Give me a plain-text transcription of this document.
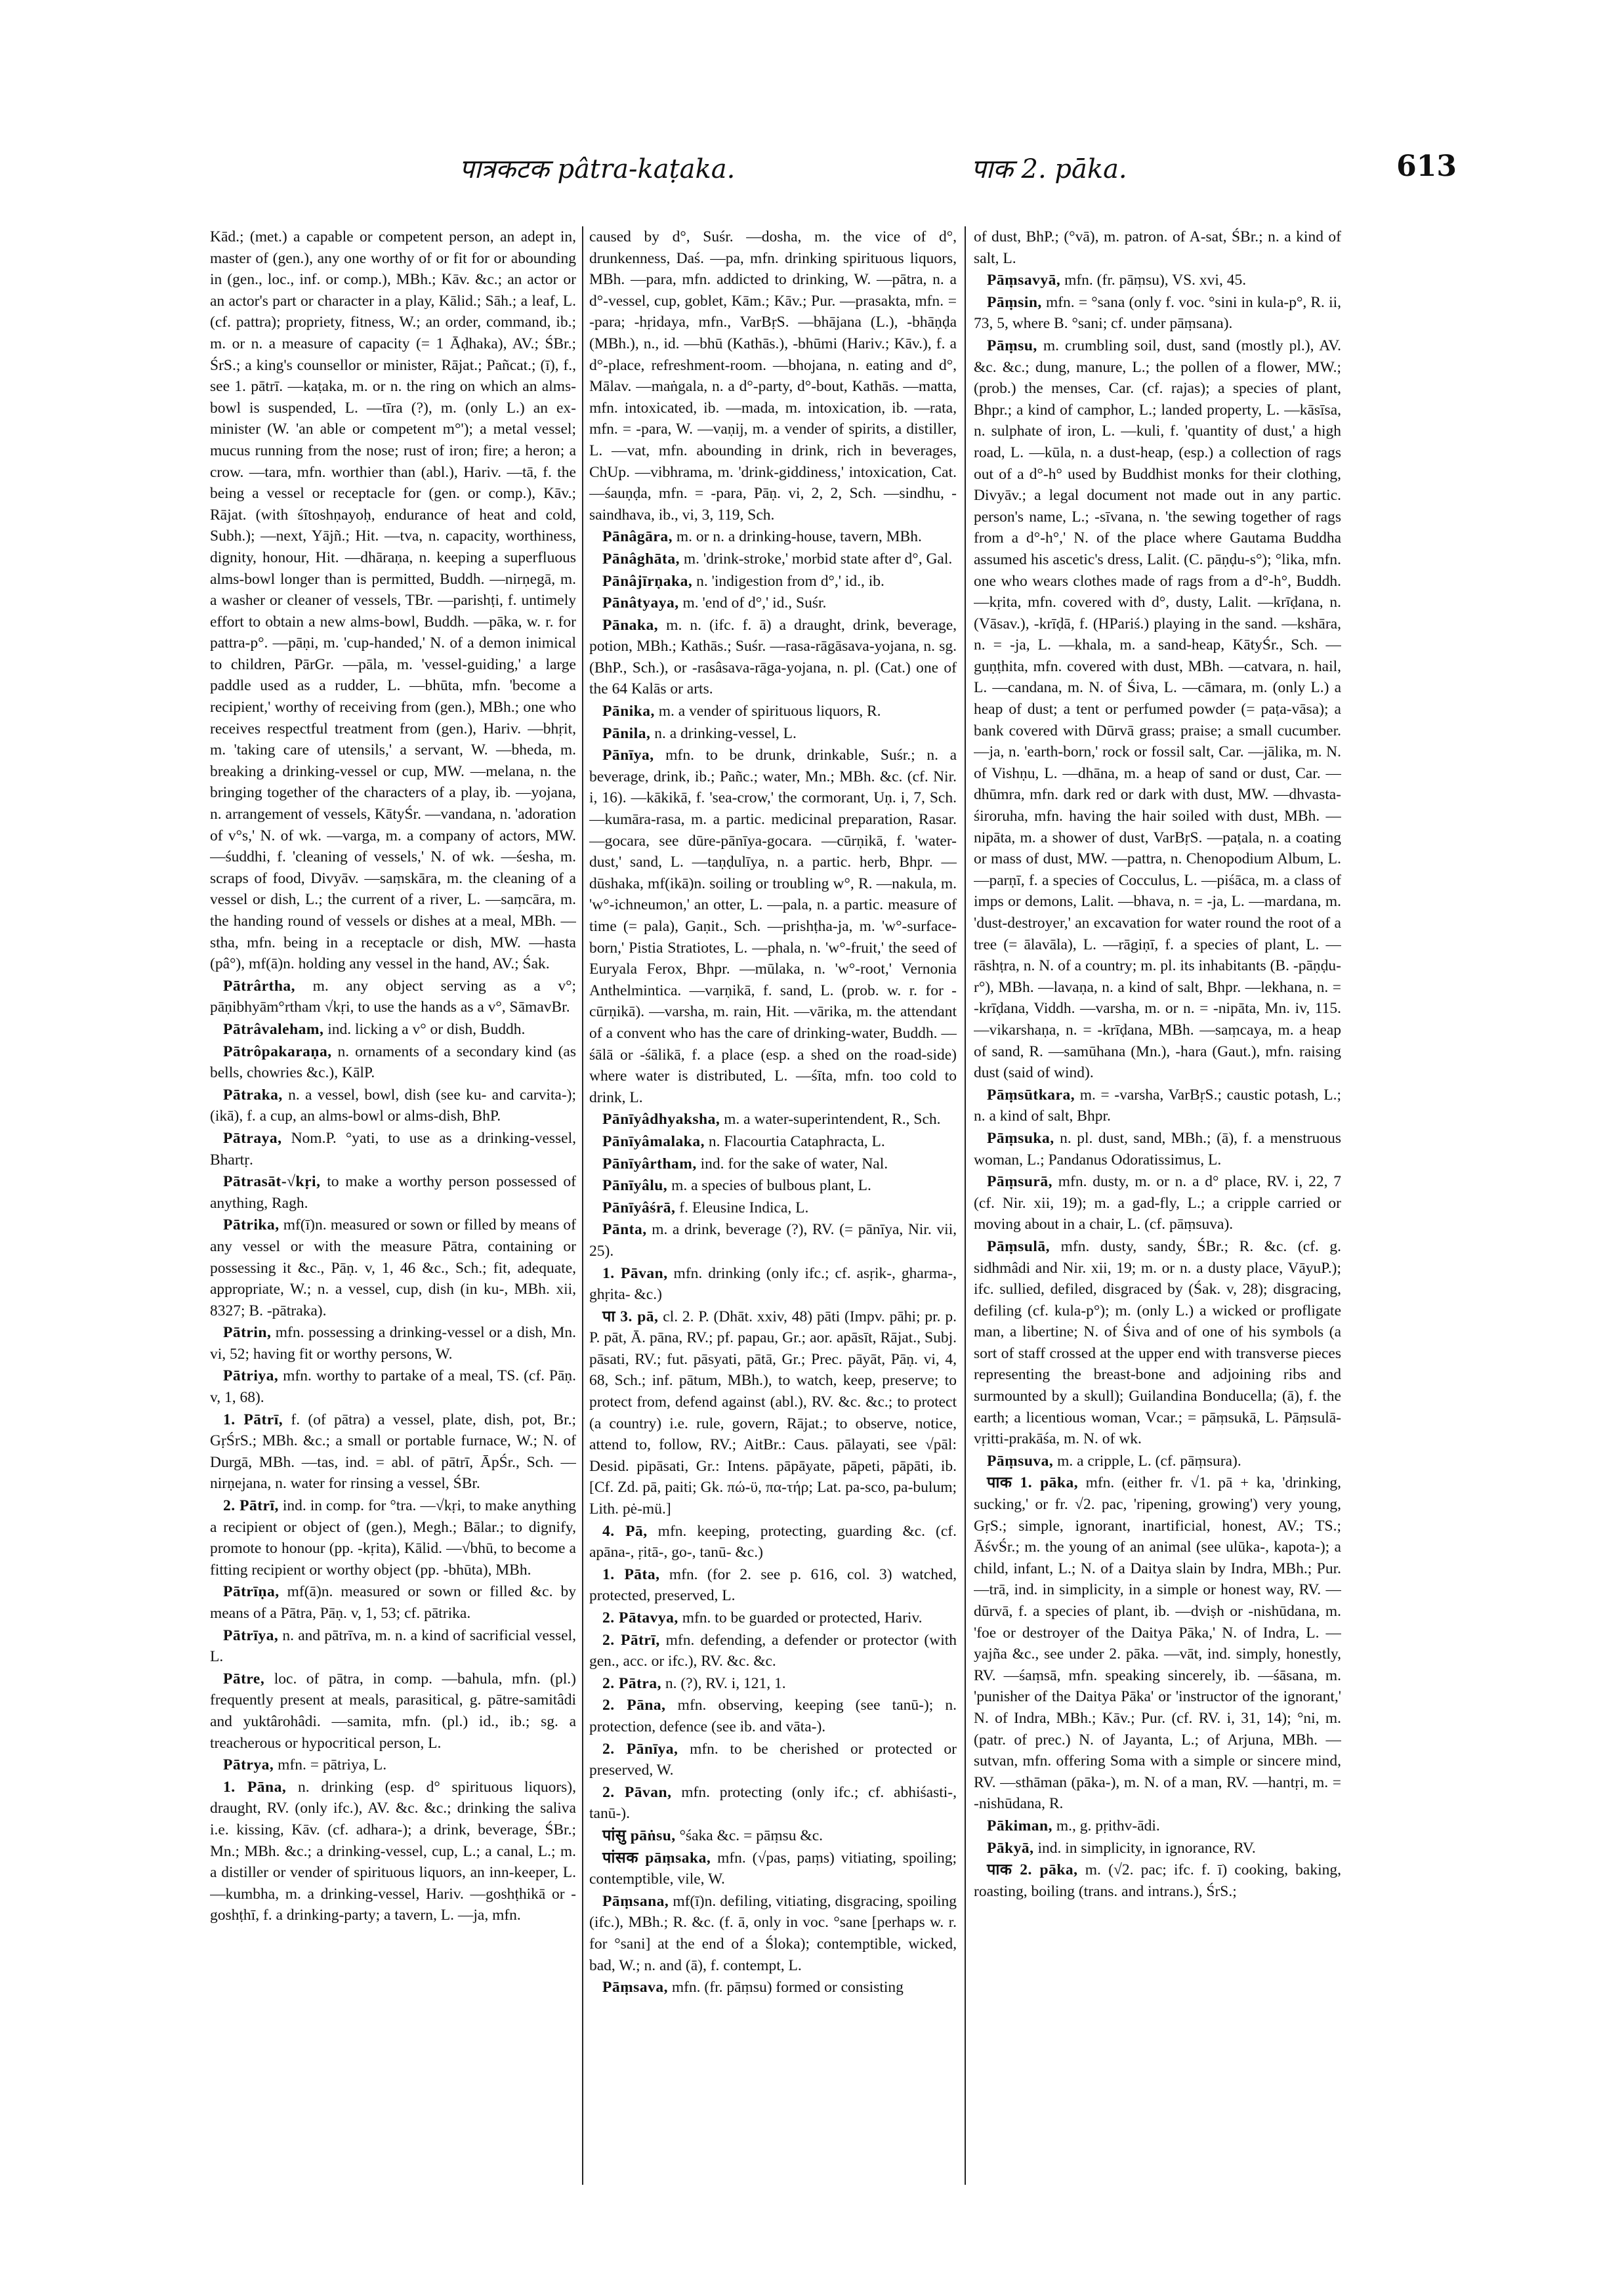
पात्रकटक pâtra-kaṭaka.	पाक 2. pāka.	613

Kād.; (met.) a capable or competent person, an adept in, master of (gen.), any one worthy of or fit for or abounding in (gen., loc., inf. or comp.), MBh.; Kāv. &c.; an actor or an actor's part or character in a play, Kālid.; Sāh.; a leaf, L. (cf. pattra); propriety, fitness, W.; an order, command, ib.; m. or n. a measure of capacity (= 1 Āḍhaka), AV.; ŚBr.; ŚrS.; a king's counsellor or minister, Rājat.; Pañcat.; (ī), f., see 1. pātrī. —kaṭaka, m. or n. the ring on which an alms-bowl is suspended, L. —tīra (?), m. (only L.) an ex-minister (W. 'an able or competent m°'); a metal vessel; mucus running from the nose; rust of iron; fire; a heron; a crow. —tara, mfn. worthier than (abl.), Hariv. —tā, f. the being a vessel or receptacle for (gen. or comp.), Kāv.; Rājat. (with śītoshṇayoḥ, endurance of heat and cold, Subh.); —next, Yājñ.; Hit. —tva, n. capacity, worthiness, dignity, honour, Hit. —dhāraṇa, n. keeping a superfluous alms-bowl longer than is permitted, Buddh. —nirṇegā, m. a washer or cleaner of vessels, TBr. —parishṭi, f. untimely effort to obtain a new alms-bowl, Buddh. —pāka, w. r. for pattra-p°. —pāṇi, m. 'cup-handed,' N. of a demon inimical to children, PārGr. —pāla, m. 'vessel-guiding,' a large paddle used as a rudder, L. —bhūta, mfn. 'become a recipient,' worthy of receiving from (gen.), MBh.; one who receives respectful treatment from (gen.), Hariv. —bhṛit, m. 'taking care of utensils,' a servant, W. —bheda, m. breaking a drinking-vessel or cup, MW. —melana, n. the bringing together of the characters of a play, ib. —yojana, n. arrangement of vessels, KātyŚr. —vandana, n. 'adoration of v°s,' N. of wk. —varga, m. a company of actors, MW. —śuddhi, f. 'cleaning of vessels,' N. of wk. —śesha, m. scraps of food, Divyāv. —saṃskāra, m. the cleaning of a vessel or dish, L.; the current of a river, L. —saṃcāra, m. the handing round of vessels or dishes at a meal, MBh. —stha, mfn. being in a receptacle or dish, MW. —hasta (pâ°), mf(ā)n. holding any vessel in the hand, AV.; Śak.

Pātrârtha, m. any object serving as a v°; pāṇibhyām°rtham √kṛi, to use the hands as a v°, SāmavBr.

Pātrâvaleham, ind. licking a v° or dish, Buddh.

Pātrôpakaraṇa, n. ornaments of a secondary kind (as bells, chowries &c.), KālP.

Pātraka, n. a vessel, bowl, dish (see ku- and carvita-); (ikā), f. a cup, an alms-bowl or alms-dish, BhP.

Pātraya, Nom.P. °yati, to use as a drinking-vessel, Bhartṛ.

Pātrasāt-√kṛi, to make a worthy person possessed of anything, Ragh.

Pātrika, mf(ī)n. measured or sown or filled by means of any vessel or with the measure Pātra, containing or possessing it &c., Pāṇ. v, 1, 46 &c., Sch.; fit, adequate, appropriate, W.; n. a vessel, cup, dish (in ku-, MBh. xii, 8327; B. -pātraka).

Pātrin, mfn. possessing a drinking-vessel or a dish, Mn. vi, 52; having fit or worthy persons, W.

Pātriya, mfn. worthy to partake of a meal, TS. (cf. Pāṇ. v, 1, 68).

1. Pātrī, f. (of pātra) a vessel, plate, dish, pot, Br.; GṛŚrS.; MBh. &c.; a small or portable furnace, W.; N. of Durgā, MBh. —tas, ind. = abl. of pātrī, ĀpŚr., Sch. —nirṇejana, n. water for rinsing a vessel, ŚBr.

2. Pātrī, ind. in comp. for °tra. —√kṛi, to make anything a recipient or object of (gen.), Megh.; Bālar.; to dignify, promote to honour (pp. -kṛita), Kālid. —√bhū, to become a fitting recipient or worthy object (pp. -bhūta), MBh.

Pātrīṇa, mf(ā)n. measured or sown or filled &c. by means of a Pātra, Pāṇ. v, 1, 53; cf. pātrika.

Pātrīya, n. and pātrīva, m. n. a kind of sacrificial vessel, L.

Pātre, loc. of pātra, in comp. —bahula, mfn. (pl.) frequently present at meals, parasitical, g. pātre-samitâdi and yuktârohâdi. —samita, mfn. (pl.) id., ib.; sg. a treacherous or hypocritical person, L.

Pātrya, mfn. = pātriya, L.

1. Pāna, n. drinking (esp. d° spirituous liquors), draught, RV. (only ifc.), AV. &c. &c.; drinking the saliva i.e. kissing, Kāv. (cf. adhara-); a drink, beverage, ŚBr.; Mn.; MBh. &c.; a drinking-vessel, cup, L.; a canal, L.; m. a distiller or vender of spirituous liquors, an inn-keeper, L. —kumbha, m. a drinking-vessel, Hariv. —goshṭhikā or -goshṭhī, f. a drinking-party; a tavern, L. —ja, mfn.

caused by d°, Suśr. —dosha, m. the vice of d°, drunkenness, Daś. —pa, mfn. drinking spirituous liquors, MBh. —para, mfn. addicted to drinking, W. —pātra, n. a d°-vessel, cup, goblet, Kām.; Kāv.; Pur. —prasakta, mfn. = -para; -hṛidaya, mfn., VarBṛS. —bhājana (L.), -bhāṇḍa (MBh.), n., id. —bhū (Kathās.), -bhūmi (Hariv.; Kāv.), f. a d°-place, refreshment-room. —bhojana, n. eating and d°, Mālav. —maṅgala, n. a d°-party, d°-bout, Kathās. —matta, mfn. intoxicated, ib. —mada, m. intoxication, ib. —rata, mfn. = -para, W. —vaṇij, m. a vender of spirits, a distiller, L. —vat, mfn. abounding in drink, rich in beverages, ChUp. —vibhrama, m. 'drink-giddiness,' intoxication, Cat. —śauṇḍa, mfn. = -para, Pāṇ. vi, 2, 2, Sch. —sindhu, -saindhava, ib., vi, 3, 119, Sch.

Pānâgāra, m. or n. a drinking-house, tavern, MBh.

Pānâghāta, m. 'drink-stroke,' morbid state after d°, Gal.

Pānâjīrṇaka, n. 'indigestion from d°,' id., ib.

Pānâtyaya, m. 'end of d°,' id., Suśr.

Pānaka, m. n. (ifc. f. ā) a draught, drink, beverage, potion, MBh.; Kathās.; Suśr. —rasa-rāgāsava-yojana, n. sg. (BhP., Sch.), or -rasâsava-rāga-yojana, n. pl. (Cat.) one of the 64 Kalās or arts.

Pānika, m. a vender of spirituous liquors, R.

Pānila, n. a drinking-vessel, L.

Pānīya, mfn. to be drunk, drinkable, Suśr.; n. a beverage, drink, ib.; Pañc.; water, Mn.; MBh. &c. (cf. Nir. i, 16). —kākikā, f. 'sea-crow,' the cormorant, Uṇ. i, 7, Sch. —kumāra-rasa, m. a partic. medicinal preparation, Rasar. —gocara, see dūre-pānīya-gocara. —cūrṇikā, f. 'water-dust,' sand, L. —taṇḍulīya, n. a partic. herb, Bhpr. —dūshaka, mf(ikā)n. soiling or troubling w°, R. —nakula, m. 'w°-ichneumon,' an otter, L. —pala, n. a partic. measure of time (= pala), Gaṇit., Sch. —prishṭha-ja, m. 'w°-surface-born,' Pistia Stratiotes, L. —phala, n. 'w°-fruit,' the seed of Euryala Ferox, Bhpr. —mūlaka, n. 'w°-root,' Vernonia Anthelmintica. —varṇikā, f. sand, L. (prob. w. r. for -cūrṇikā). —varsha, m. rain, Hit. —vārika, m. the attendant of a convent who has the care of drinking-water, Buddh. —śālā or -śālikā, f. a place (esp. a shed on the road-side) where water is distributed, L. —śīta, mfn. too cold to drink, L.

Pānīyâdhyaksha, m. a water-superintendent, R., Sch.

Pānīyâmalaka, n. Flacourtia Cataphracta, L.

Pānīyârtham, ind. for the sake of water, Nal.

Pānīyâlu, m. a species of bulbous plant, L.

Pānīyâśrā, f. Eleusine Indica, L.

Pānta, m. a drink, beverage (?), RV. (= pānīya, Nir. vii, 25).

1. Pāvan, mfn. drinking (only ifc.; cf. asṛik-, gharma-, ghṛita- &c.)

पा 3. pā, cl. 2. P. (Dhāt. xxiv, 48) pāti (Impv. pāhi; pr. p. P. pāt, Ā. pāna, RV.; pf. papau, Gr.; aor. apāsīt, Rājat., Subj. pāsati, RV.; fut. pāsyati, pātā, Gr.; Prec. pāyāt, Pāṇ. vi, 4, 68, Sch.; inf. pātum, MBh.), to watch, keep, preserve; to protect from, defend against (abl.), RV. &c. &c.; to protect (a country) i.e. rule, govern, Rājat.; to observe, notice, attend to, follow, RV.; AitBr.: Caus. pālayati, see √pāl: Desid. pipāsati, Gr.: Intens. pāpāyate, pāpeti, pāpāti, ib. [Cf. Zd. pā, paiti; Gk. πώ-ϋ, πα-τήρ; Lat. pa-sco, pa-bulum; Lith. pė-mü.]

4. Pā, mfn. keeping, protecting, guarding &c. (cf. apāna-, ṛitā-, go-, tanū- &c.)

1. Pāta, mfn. (for 2. see p. 616, col. 3) watched, protected, preserved, L.

2. Pātavya, mfn. to be guarded or protected, Hariv.

2. Pātrī, mfn. defending, a defender or protector (with gen., acc. or ifc.), RV. &c. &c.

2. Pātra, n. (?), RV. i, 121, 1.

2. Pāna, mfn. observing, keeping (see tanū-); n. protection, defence (see ib. and vāta-).

2. Pānīya, mfn. to be cherished or protected or preserved, W.

2. Pāvan, mfn. protecting (only ifc.; cf. abhiśasti-, tanū-).

पांसु pāṅsu, °śaka &c. = pāṃsu &c.

पांसक pāṃsaka, mfn. (√pas, paṃs) vitiating, spoiling; contemptible, vile, W.

Pāṃsana, mf(ī)n. defiling, vitiating, disgracing, spoiling (ifc.), MBh.; R. &c. (f. ā, only in voc. °sane [perhaps w. r. for °sani] at the end of a Śloka); contemptible, wicked, bad, W.; n. and (ā), f. contempt, L.

Pāṃsava, mfn. (fr. pāṃsu) formed or consisting

of dust, BhP.; (°vā), m. patron. of A-sat, ŚBr.; n. a kind of salt, L.

Pāṃsavyā, mfn. (fr. pāṃsu), VS. xvi, 45.

Pāṃsin, mfn. = °sana (only f. voc. °sini in kula-p°, R. ii, 73, 5, where B. °sani; cf. under pāṃsana).

Pāṃsu, m. crumbling soil, dust, sand (mostly pl.), AV. &c. &c.; dung, manure, L.; the pollen of a flower, MW.; (prob.) the menses, Car. (cf. rajas); a species of plant, Bhpr.; a kind of camphor, L.; landed property, L. —kāsīsa, n. sulphate of iron, L. —kuli, f. 'quantity of dust,' a high road, L. —kūla, n. a dust-heap, (esp.) a collection of rags out of a d°-h° used by Buddhist monks for their clothing, Divyāv.; a legal document not made out in any partic. person's name, L.; -sīvana, n. 'the sewing together of rags from a d°-h°,' N. of the place where Gautama Buddha assumed his ascetic's dress, Lalit. (C. pāṇḍu-s°); °lika, mfn. one who wears clothes made of rags from a d°-h°, Buddh. —kṛita, mfn. covered with d°, dusty, Lalit. —krīḍana, n. (Vāsav.), -krīḍā, f. (HPariś.) playing in the sand. —kshāra, n. = -ja, L. —khala, m. a sand-heap, KātyŚr., Sch. —guṇṭhita, mfn. covered with dust, MBh. —catvara, n. hail, L. —candana, m. N. of Śiva, L. —cāmara, m. (only L.) a heap of dust; a tent or perfumed powder (= paṭa-vāsa); a bank covered with Dūrvā grass; praise; a small cucumber. —ja, n. 'earth-born,' rock or fossil salt, Car. —jālika, m. N. of Vishṇu, L. —dhāna, m. a heap of sand or dust, Car. —dhūmra, mfn. dark red or dark with dust, MW. —dhvasta-śiroruha, mfn. having the hair soiled with dust, MBh. —nipāta, m. a shower of dust, VarBṛS. —paṭala, n. a coating or mass of dust, MW. —pattra, n. Chenopodium Album, L. —parṇī, f. a species of Cocculus, L. —piśāca, m. a class of imps or demons, Lalit. —bhava, n. = -ja, L. —mardana, m. 'dust-destroyer,' an excavation for water round the root of a tree (= ālavāla), L. —rāgiṇī, f. a species of plant, L. —rāshṭra, n. N. of a country; m. pl. its inhabitants (B. -pāṇḍu-r°), MBh. —lavaṇa, n. a kind of salt, Bhpr. —lekhana, n. = -krīḍana, Viddh. —varsha, m. or n. = -nipāta, Mn. iv, 115. —vikarshaṇa, n. = -krīḍana, MBh. —saṃcaya, m. a heap of sand, R. —samūhana (Mn.), -hara (Gaut.), mfn. raising dust (said of wind).

Pāṃsūtkara, m. = -varsha, VarBṛS.; caustic potash, L.; n. a kind of salt, Bhpr.

Pāṃsuka, n. pl. dust, sand, MBh.; (ā), f. a menstruous woman, L.; Pandanus Odoratissimus, L.

Pāṃsurā, mfn. dusty, m. or n. a d° place, RV. i, 22, 7 (cf. Nir. xii, 19); m. a gad-fly, L.; a cripple carried or moving about in a chair, L. (cf. pāṃsuva).

Pāṃsulā, mfn. dusty, sandy, ŚBr.; R. &c. (cf. g. sidhmâdi and Nir. xii, 19; m. or n. a dusty place, VāyuP.); ifc. sullied, defiled, disgraced by (Śak. v, 28); disgracing, defiling (cf. kula-p°); m. (only L.) a wicked or profligate man, a libertine; N. of Śiva and of one of his symbols (a sort of staff crossed at the upper end with transverse pieces representing the breast-bone and adjoining ribs and surmounted by a skull); Guilandina Bonducella; (ā), f. the earth; a licentious woman, Vcar.; = pāṃsukā, L. Pāṃsulā-vṛitti-prakāśa, m. N. of wk.

Pāṃsuva, m. a cripple, L. (cf. pāṃsura).

पाक 1. pāka, mfn. (either fr. √1. pā + ka, 'drinking, sucking,' or fr. √2. pac, 'ripening, growing') very young, GṛS.; simple, ignorant, inartificial, honest, AV.; TS.; ĀśvŚr.; m. the young of an animal (see ulūka-, kapota-); a child, infant, L.; N. of a Daitya slain by Indra, MBh.; Pur. —trā, ind. in simplicity, in a simple or honest way, RV. —dūrvā, f. a species of plant, ib. —dviṣh or -nishūdana, m. 'foe or destroyer of the Daitya Pāka,' N. of Indra, L. —yajña &c., see under 2. pāka. —vāt, ind. simply, honestly, RV. —śaṃsā, mfn. speaking sincerely, ib. —śāsana, m. 'punisher of the Daitya Pāka' or 'instructor of the ignorant,' N. of Indra, MBh.; Kāv.; Pur. (cf. RV. i, 31, 14); °ni, m. (patr. of prec.) N. of Jayanta, L.; of Arjuna, MBh. —sutvan, mfn. offering Soma with a simple or sincere mind, RV. —sthāman (pāka-), m. N. of a man, RV. —hantṛi, m. = -nishūdana, R.

Pākiman, m., g. pṛithv-ādi.

Pākyā, ind. in simplicity, in ignorance, RV.

पाक 2. pāka, m. (√2. pac; ifc. f. ī) cooking, baking, roasting, boiling (trans. and intrans.), ŚrS.;
